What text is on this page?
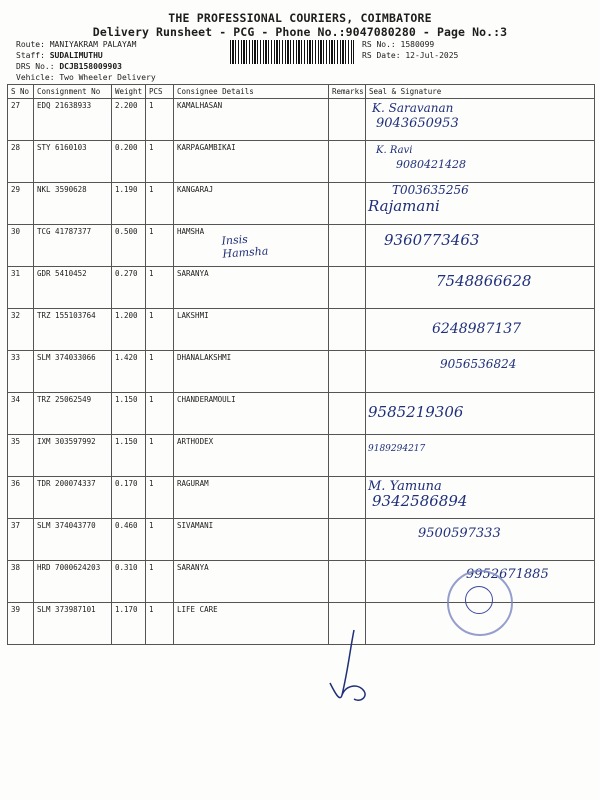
THE PROFESSIONAL COURIERS, COIMBATORE
Delivery Runsheet - PCG - Phone No.:9047080280 - Page No.:3
Route: MANIYAKRAM PALAYAM
Staff: SUDALIMUTHU
DRS No.: DCJB158009903
Vehicle: Two Wheeler Delivery
RS No.: 1580099
RS Date: 12-Jul-2025
S No	Consignment No	Weight	PCS	Consignee Details	Remarks	Seal & Signature
27	EDQ 21638933	2.200	1	KAMALHASAN		K. Saravanan
9043650953

28	STY 6160103	0.200	1	KARPAGAMBIKAI		K. Ravi
9080421428

29	NKL 3590628	1.190	1	KANGARAJ		T003635256
Rajamani

30	TCG 41787377	0.500	1	HAMSHA		9360773463

31	GDR 5410452	0.270	1	SARANYA		7548866628

32	TRZ 155103764	1.200	1	LAKSHMI		6248987137

33	SLM 374033066	1.420	1	DHANALAKSHMI		9056536824

34	TRZ 25062549	1.150	1	CHANDERAMOULI		9585219306

35	IXM 303597992	1.150	1	ARTHODEX		9189294217

36	TDR 200074337	0.170	1	RAGURAM		M. Yamuna
9342586894

37	SLM 374043770	0.460	1	SIVAMANI		9500597333

38	HRD 7000624203	0.310	1	SARANYA		9952671885

39	SLM 373987101	1.170	1	LIFE CARE		
Insis
Hamsha
